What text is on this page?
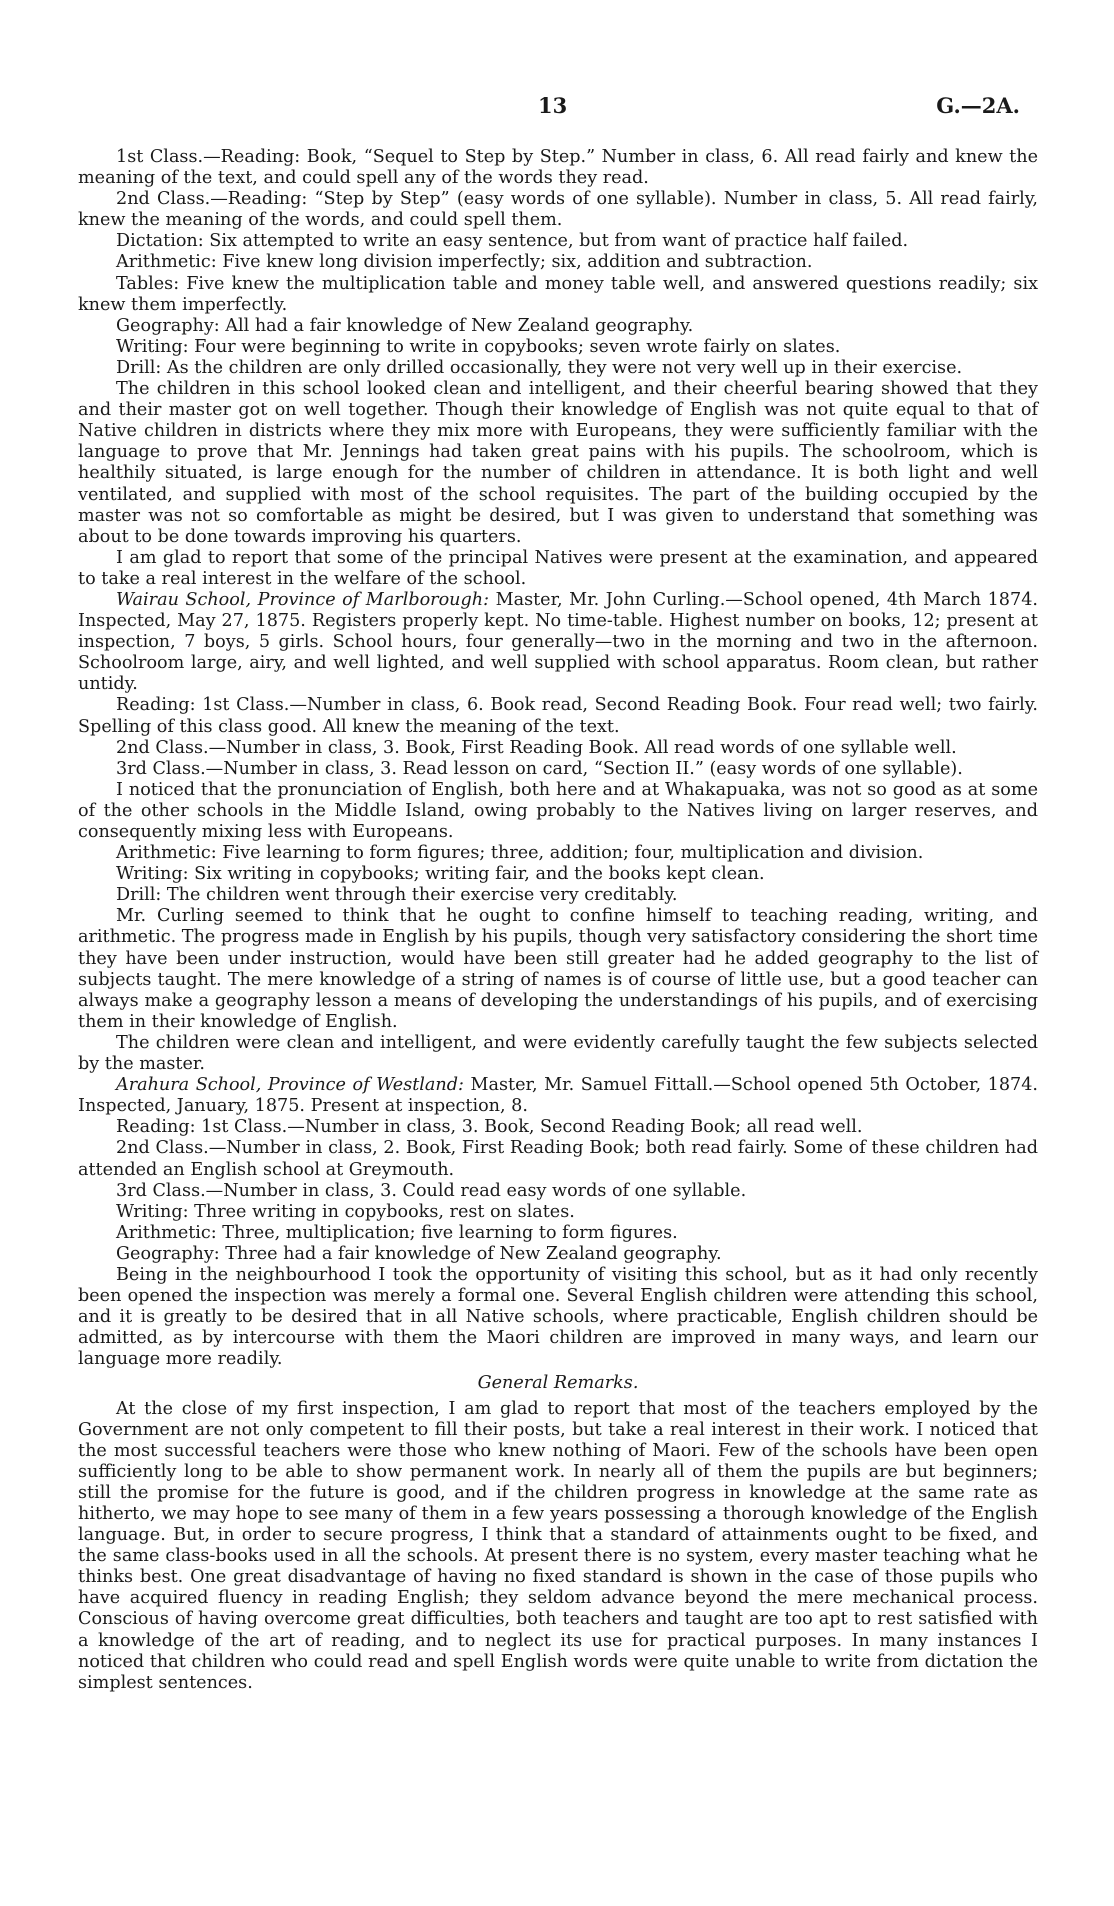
13	G.—2A.

1st Class.—Reading: Book, “Sequel to Step by Step.” Number in class, 6. All read fairly and knew the meaning of the text, and could spell any of the words they read.

2nd Class.—Reading: “Step by Step” (easy words of one syllable). Number in class, 5. All read fairly, knew the meaning of the words, and could spell them.

Dictation: Six attempted to write an easy sentence, but from want of practice half failed.

Arithmetic: Five knew long division imperfectly; six, addition and subtraction.

Tables: Five knew the multiplication table and money table well, and answered questions readily; six knew them imperfectly.

Geography: All had a fair knowledge of New Zealand geography.

Writing: Four were beginning to write in copybooks; seven wrote fairly on slates.

Drill: As the children are only drilled occasionally, they were not very well up in their exercise.

The children in this school looked clean and intelligent, and their cheerful bearing showed that they and their master got on well together. Though their knowledge of English was not quite equal to that of Native children in districts where they mix more with Europeans, they were sufficiently familiar with the language to prove that Mr. Jennings had taken great pains with his pupils. The schoolroom, which is healthily situated, is large enough for the number of children in attendance. It is both light and well ventilated, and supplied with most of the school requisites. The part of the building occupied by the master was not so comfortable as might be desired, but I was given to understand that something was about to be done towards improving his quarters.

I am glad to report that some of the principal Natives were present at the examination, and appeared to take a real interest in the welfare of the school.

Wairau School, Province of Marlborough: Master, Mr. John Curling.—School opened, 4th March 1874. Inspected, May 27, 1875. Registers properly kept. No time-table. Highest number on books, 12; present at inspection, 7 boys, 5 girls. School hours, four generally—two in the morning and two in the afternoon. Schoolroom large, airy, and well lighted, and well supplied with school apparatus. Room clean, but rather untidy.

Reading: 1st Class.—Number in class, 6. Book read, Second Reading Book. Four read well; two fairly. Spelling of this class good. All knew the meaning of the text.

2nd Class.—Number in class, 3. Book, First Reading Book. All read words of one syllable well.

3rd Class.—Number in class, 3. Read lesson on card, “Section II.” (easy words of one syllable).

I noticed that the pronunciation of English, both here and at Whakapuaka, was not so good as at some of the other schools in the Middle Island, owing probably to the Natives living on larger reserves, and consequently mixing less with Europeans.

Arithmetic: Five learning to form figures; three, addition; four, multiplication and division.

Writing: Six writing in copybooks; writing fair, and the books kept clean.

Drill: The children went through their exercise very creditably.

Mr. Curling seemed to think that he ought to confine himself to teaching reading, writing, and arithmetic. The progress made in English by his pupils, though very satisfactory considering the short time they have been under instruction, would have been still greater had he added geography to the list of subjects taught. The mere knowledge of a string of names is of course of little use, but a good teacher can always make a geography lesson a means of developing the understandings of his pupils, and of exercising them in their knowledge of English.

The children were clean and intelligent, and were evidently carefully taught the few subjects selected by the master.

Arahura School, Province of Westland: Master, Mr. Samuel Fittall.—School opened 5th October, 1874. Inspected, January, 1875. Present at inspection, 8.

Reading: 1st Class.—Number in class, 3. Book, Second Reading Book; all read well.

2nd Class.—Number in class, 2. Book, First Reading Book; both read fairly. Some of these children had attended an English school at Greymouth.

3rd Class.—Number in class, 3. Could read easy words of one syllable.

Writing: Three writing in copybooks, rest on slates.

Arithmetic: Three, multiplication; five learning to form figures.

Geography: Three had a fair knowledge of New Zealand geography.

Being in the neighbourhood I took the opportunity of visiting this school, but as it had only recently been opened the inspection was merely a formal one. Several English children were attending this school, and it is greatly to be desired that in all Native schools, where practicable, English children should be admitted, as by intercourse with them the Maori children are improved in many ways, and learn our language more readily.

General Remarks.

At the close of my first inspection, I am glad to report that most of the teachers employed by the Government are not only competent to fill their posts, but take a real interest in their work. I noticed that the most successful teachers were those who knew nothing of Maori. Few of the schools have been open sufficiently long to be able to show permanent work. In nearly all of them the pupils are but beginners; still the promise for the future is good, and if the children progress in knowledge at the same rate as hitherto, we may hope to see many of them in a few years possessing a thorough knowledge of the English language. But, in order to secure progress, I think that a standard of attainments ought to be fixed, and the same class-books used in all the schools. At present there is no system, every master teaching what he thinks best. One great disadvantage of having no fixed standard is shown in the case of those pupils who have acquired fluency in reading English; they seldom advance beyond the mere mechanical process. Conscious of having overcome great difficulties, both teachers and taught are too apt to rest satisfied with a knowledge of the art of reading, and to neglect its use for practical purposes. In many instances I noticed that children who could read and spell English words were quite unable to write from dictation the simplest sentences.
